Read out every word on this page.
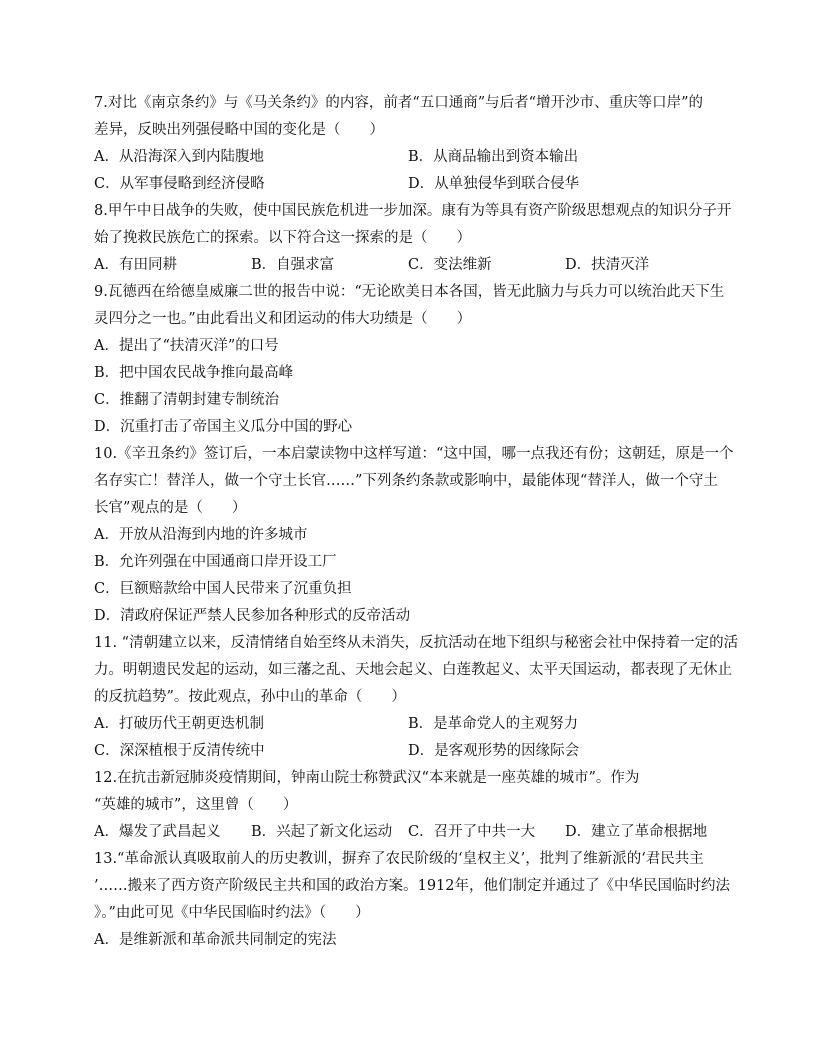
7.对比《南京条约》与《马关条约》的内容，前者“五口通商”与后者“增开沙市、重庆等口岸”的
差异，反映出列强侵略中国的变化是（　　）
A．从沿海深入到内陆腹地	B．从商品输出到资本输出
C．从军事侵略到经济侵略	D．从单独侵华到联合侵华
8.甲午中日战争的失败，使中国民族危机进一步加深。康有为等具有资产阶级思想观点的知识分子开
始了挽救民族危亡的探索。以下符合这一探索的是（　　）
A．有田同耕	B．自强求富	C．变法维新	D．扶清灭洋
9.瓦德西在给德皇威廉二世的报告中说：“无论欧美日本各国，皆无此脑力与兵力可以统治此天下生
灵四分之一也。”由此看出义和团运动的伟大功绩是（　　）
A．提出了“扶清灭洋”的口号
B．把中国农民战争推向最高峰
C．推翻了清朝封建专制统治
D．沉重打击了帝国主义瓜分中国的野心
10.《辛丑条约》签订后，一本启蒙读物中这样写道：“这中国，哪一点我还有份；这朝廷，原是一个
名存实亡！替洋人，做一个守土长官……”下列条约条款或影响中，最能体现“替洋人，做一个守土
长官”观点的是（　　）
A．开放从沿海到内地的许多城市
B．允许列强在中国通商口岸开设工厂
C．巨额赔款给中国人民带来了沉重负担
D．清政府保证严禁人民参加各种形式的反帝活动
11. “清朝建立以来，反清情绪自始至终从未消失，反抗活动在地下组织与秘密会社中保持着一定的活
力。明朝遗民发起的运动，如三藩之乱、天地会起义、白莲教起义、太平天国运动，都表现了无休止
的反抗趋势”。按此观点，孙中山的革命（　　）
A．打破历代王朝更迭机制	B．是革命党人的主观努力
C．深深植根于反清传统中	D．是客观形势的因缘际会
12.在抗击新冠肺炎疫情期间，钟南山院士称赞武汉“本来就是一座英雄的城市”。作为
“英雄的城市”，这里曾（　　）
A．爆发了武昌起义	B．兴起了新文化运动	C．召开了中共一大	D．建立了革命根据地
13.“革命派认真吸取前人的历史教训，摒弃了农民阶级的‘皇权主义’，批判了维新派的‘君民共主
’……搬来了西方资产阶级民主共和国的政治方案。1912年，他们制定并通过了《中华民国临时约法
》。”由此可见《中华民国临时约法》（　　）
A．是维新派和革命派共同制定的宪法
